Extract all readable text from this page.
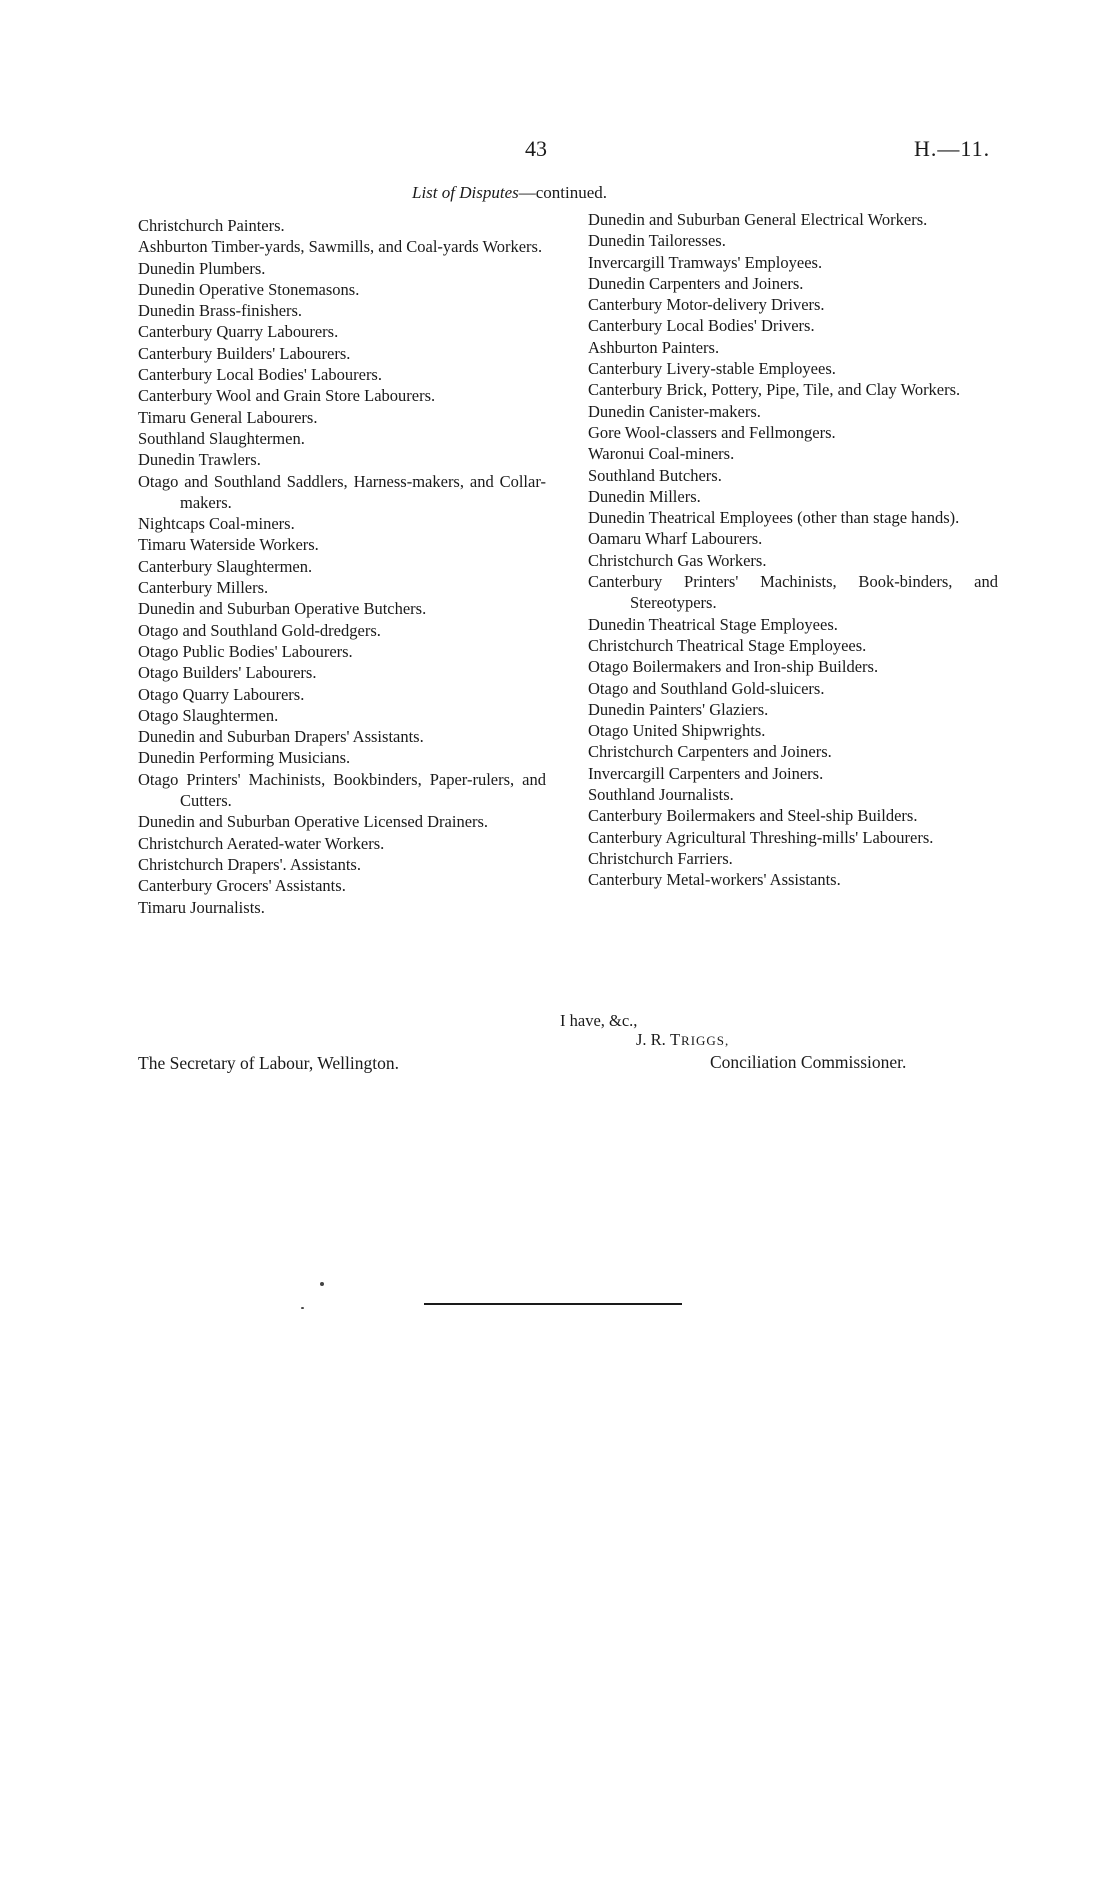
43	H.—11.
List of Disputes—continued.
Christchurch Painters.
Ashburton Timber-yards, Sawmills, and Coal-yards Workers.
Dunedin Plumbers.
Dunedin Operative Stonemasons.
Dunedin Brass-finishers.
Canterbury Quarry Labourers.
Canterbury Builders' Labourers.
Canterbury Local Bodies' Labourers.
Canterbury Wool and Grain Store Labourers.
Timaru General Labourers.
Southland Slaughtermen.
Dunedin Trawlers.
Otago and Southland Saddlers, Harness-makers, and Collar-makers.
Nightcaps Coal-miners.
Timaru Waterside Workers.
Canterbury Slaughtermen.
Canterbury Millers.
Dunedin and Suburban Operative Butchers.
Otago and Southland Gold-dredgers.
Otago Public Bodies' Labourers.
Otago Builders' Labourers.
Otago Quarry Labourers.
Otago Slaughtermen.
Dunedin and Suburban Drapers' Assistants.
Dunedin Performing Musicians.
Otago Printers' Machinists, Bookbinders, Paper-rulers, and Cutters.
Dunedin and Suburban Operative Licensed Drainers.
Christchurch Aerated-water Workers.
Christchurch Drapers'. Assistants.
Canterbury Grocers' Assistants.
Timaru Journalists.
Dunedin and Suburban General Electrical Workers.
Dunedin Tailoresses.
Invercargill Tramways' Employees.
Dunedin Carpenters and Joiners.
Canterbury Motor-delivery Drivers.
Canterbury Local Bodies' Drivers.
Ashburton Painters.
Canterbury Livery-stable Employees.
Canterbury Brick, Pottery, Pipe, Tile, and Clay Workers.
Dunedin Canister-makers.
Gore Wool-classers and Fellmongers.
Waronui Coal-miners.
Southland Butchers.
Dunedin Millers.
Dunedin Theatrical Employees (other than stage hands).
Oamaru Wharf Labourers.
Christchurch Gas Workers.
Canterbury Printers' Machinists, Book-binders, and Stereotypers.
Dunedin Theatrical Stage Employees.
Christchurch Theatrical Stage Employees.
Otago Boilermakers and Iron-ship Builders.
Otago and Southland Gold-sluicers.
Dunedin Painters' Glaziers.
Otago United Shipwrights.
Christchurch Carpenters and Joiners.
Invercargill Carpenters and Joiners.
Southland Journalists.
Canterbury Boilermakers and Steel-ship Builders.
Canterbury Agricultural Threshing-mills' Labourers.
Christchurch Farriers.
Canterbury Metal-workers' Assistants.
I have, &c.,
J. R. TRIGGS,
Conciliation Commissioner.
The Secretary of Labour, Wellington.
